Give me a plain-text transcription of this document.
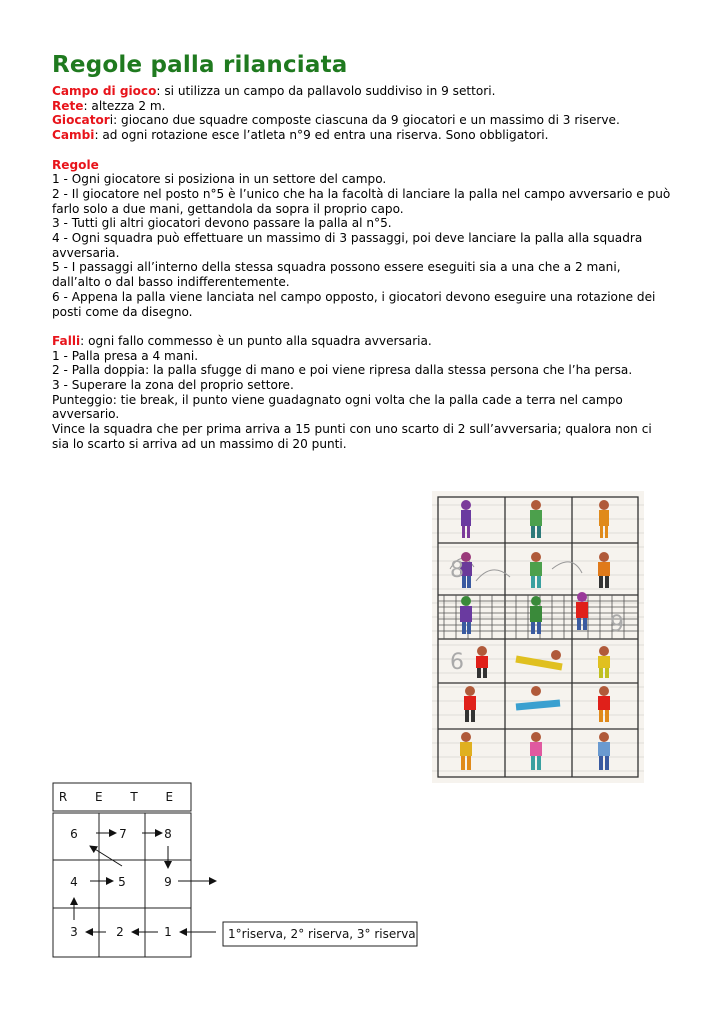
Regole palla rilanciata

Campo di gioco: si utilizza un campo da pallavolo suddiviso in 9 settori.

Rete: altezza 2 m.

Giocatori: giocano due squadre composte ciascuna da 9 giocatori e un massimo di 3 riserve.

Cambi: ad ogni rotazione esce l’atleta n°9 ed entra una riserva. Sono obbligatori.

Regole

1 - Ogni giocatore si posiziona in un settore del campo.

2 - Il giocatore nel posto n°5 è l’unico che ha la facoltà di lanciare la palla nel campo avversario e può farlo solo a due mani, gettandola da sopra il proprio capo.

3 - Tutti gli altri giocatori devono passare la palla al n°5.

4 - Ogni squadra può effettuare un massimo di 3 passaggi, poi deve lanciare la palla alla squadra avversaria.

5 - I passaggi all’interno della stessa squadra possono essere eseguiti sia a una che a 2 mani, dall’alto o dal basso indifferentemente.

6 - Appena la palla viene lanciata nel campo opposto, i giocatori devono eseguire una rotazione dei posti come da disegno.

Falli: ogni fallo commesso è un punto alla squadra avversaria.

1 - Palla presa a 4 mani.

2 - Palla doppia: la palla sfugge di mano e poi viene ripresa dalla stessa persona che l’ha persa.

3 - Superare la zona del proprio settore.

Punteggio: tie break, il punto viene guadagnato ogni volta che la palla cade a terra nel campo avversario.

Vince la squadra che per prima arriva a 15 punti con uno scarto di 2 sull’avversaria; qualora non ci sia lo scarto si arriva ad un massimo di 20 punti.

6
8
9
R E T E
6	7	8
4	5	9
3	2	1	1°riserva, 2° riserva, 3° riserva
